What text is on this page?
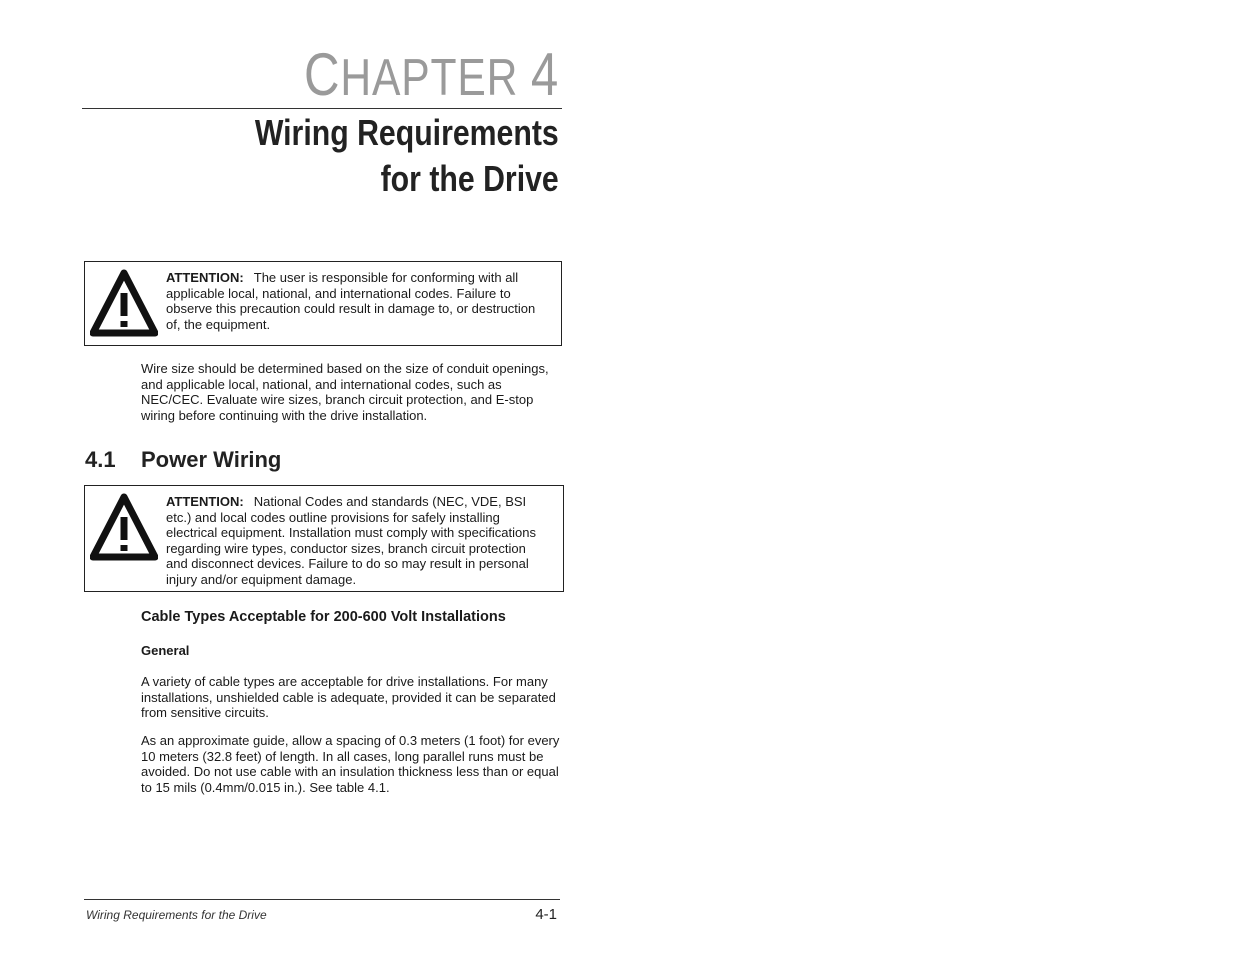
CHAPTER 4
Wiring Requirements
for the Drive
ATTENTION: The user is responsible for conforming with all applicable local, national, and international codes. Failure to observe this precaution could result in damage to, or destruction of, the equipment.

Wire size should be determined based on the size of conduit openings, and applicable local, national, and international codes, such as NEC/CEC. Evaluate wire sizes, branch circuit protection, and E-stop wiring before continuing with the drive installation.

4.1 Power Wiring
ATTENTION: National Codes and standards (NEC, VDE, BSI etc.) and local codes outline provisions for safely installing electrical equipment. Installation must comply with specifications regarding wire types, conductor sizes, branch circuit protection and disconnect devices. Failure to do so may result in personal injury and/or equipment damage.
Cable Types Acceptable for 200-600 Volt Installations
General

A variety of cable types are acceptable for drive installations. For many installations, unshielded cable is adequate, provided it can be separated from sensitive circuits.

As an approximate guide, allow a spacing of 0.3 meters (1 foot) for every 10 meters (32.8 feet) of length. In all cases, long parallel runs must be avoided. Do not use cable with an insulation thickness less than or equal to 15 mils (0.4mm/0.015 in.). See table 4.1.

Wiring Requirements for the Drive	4-1
